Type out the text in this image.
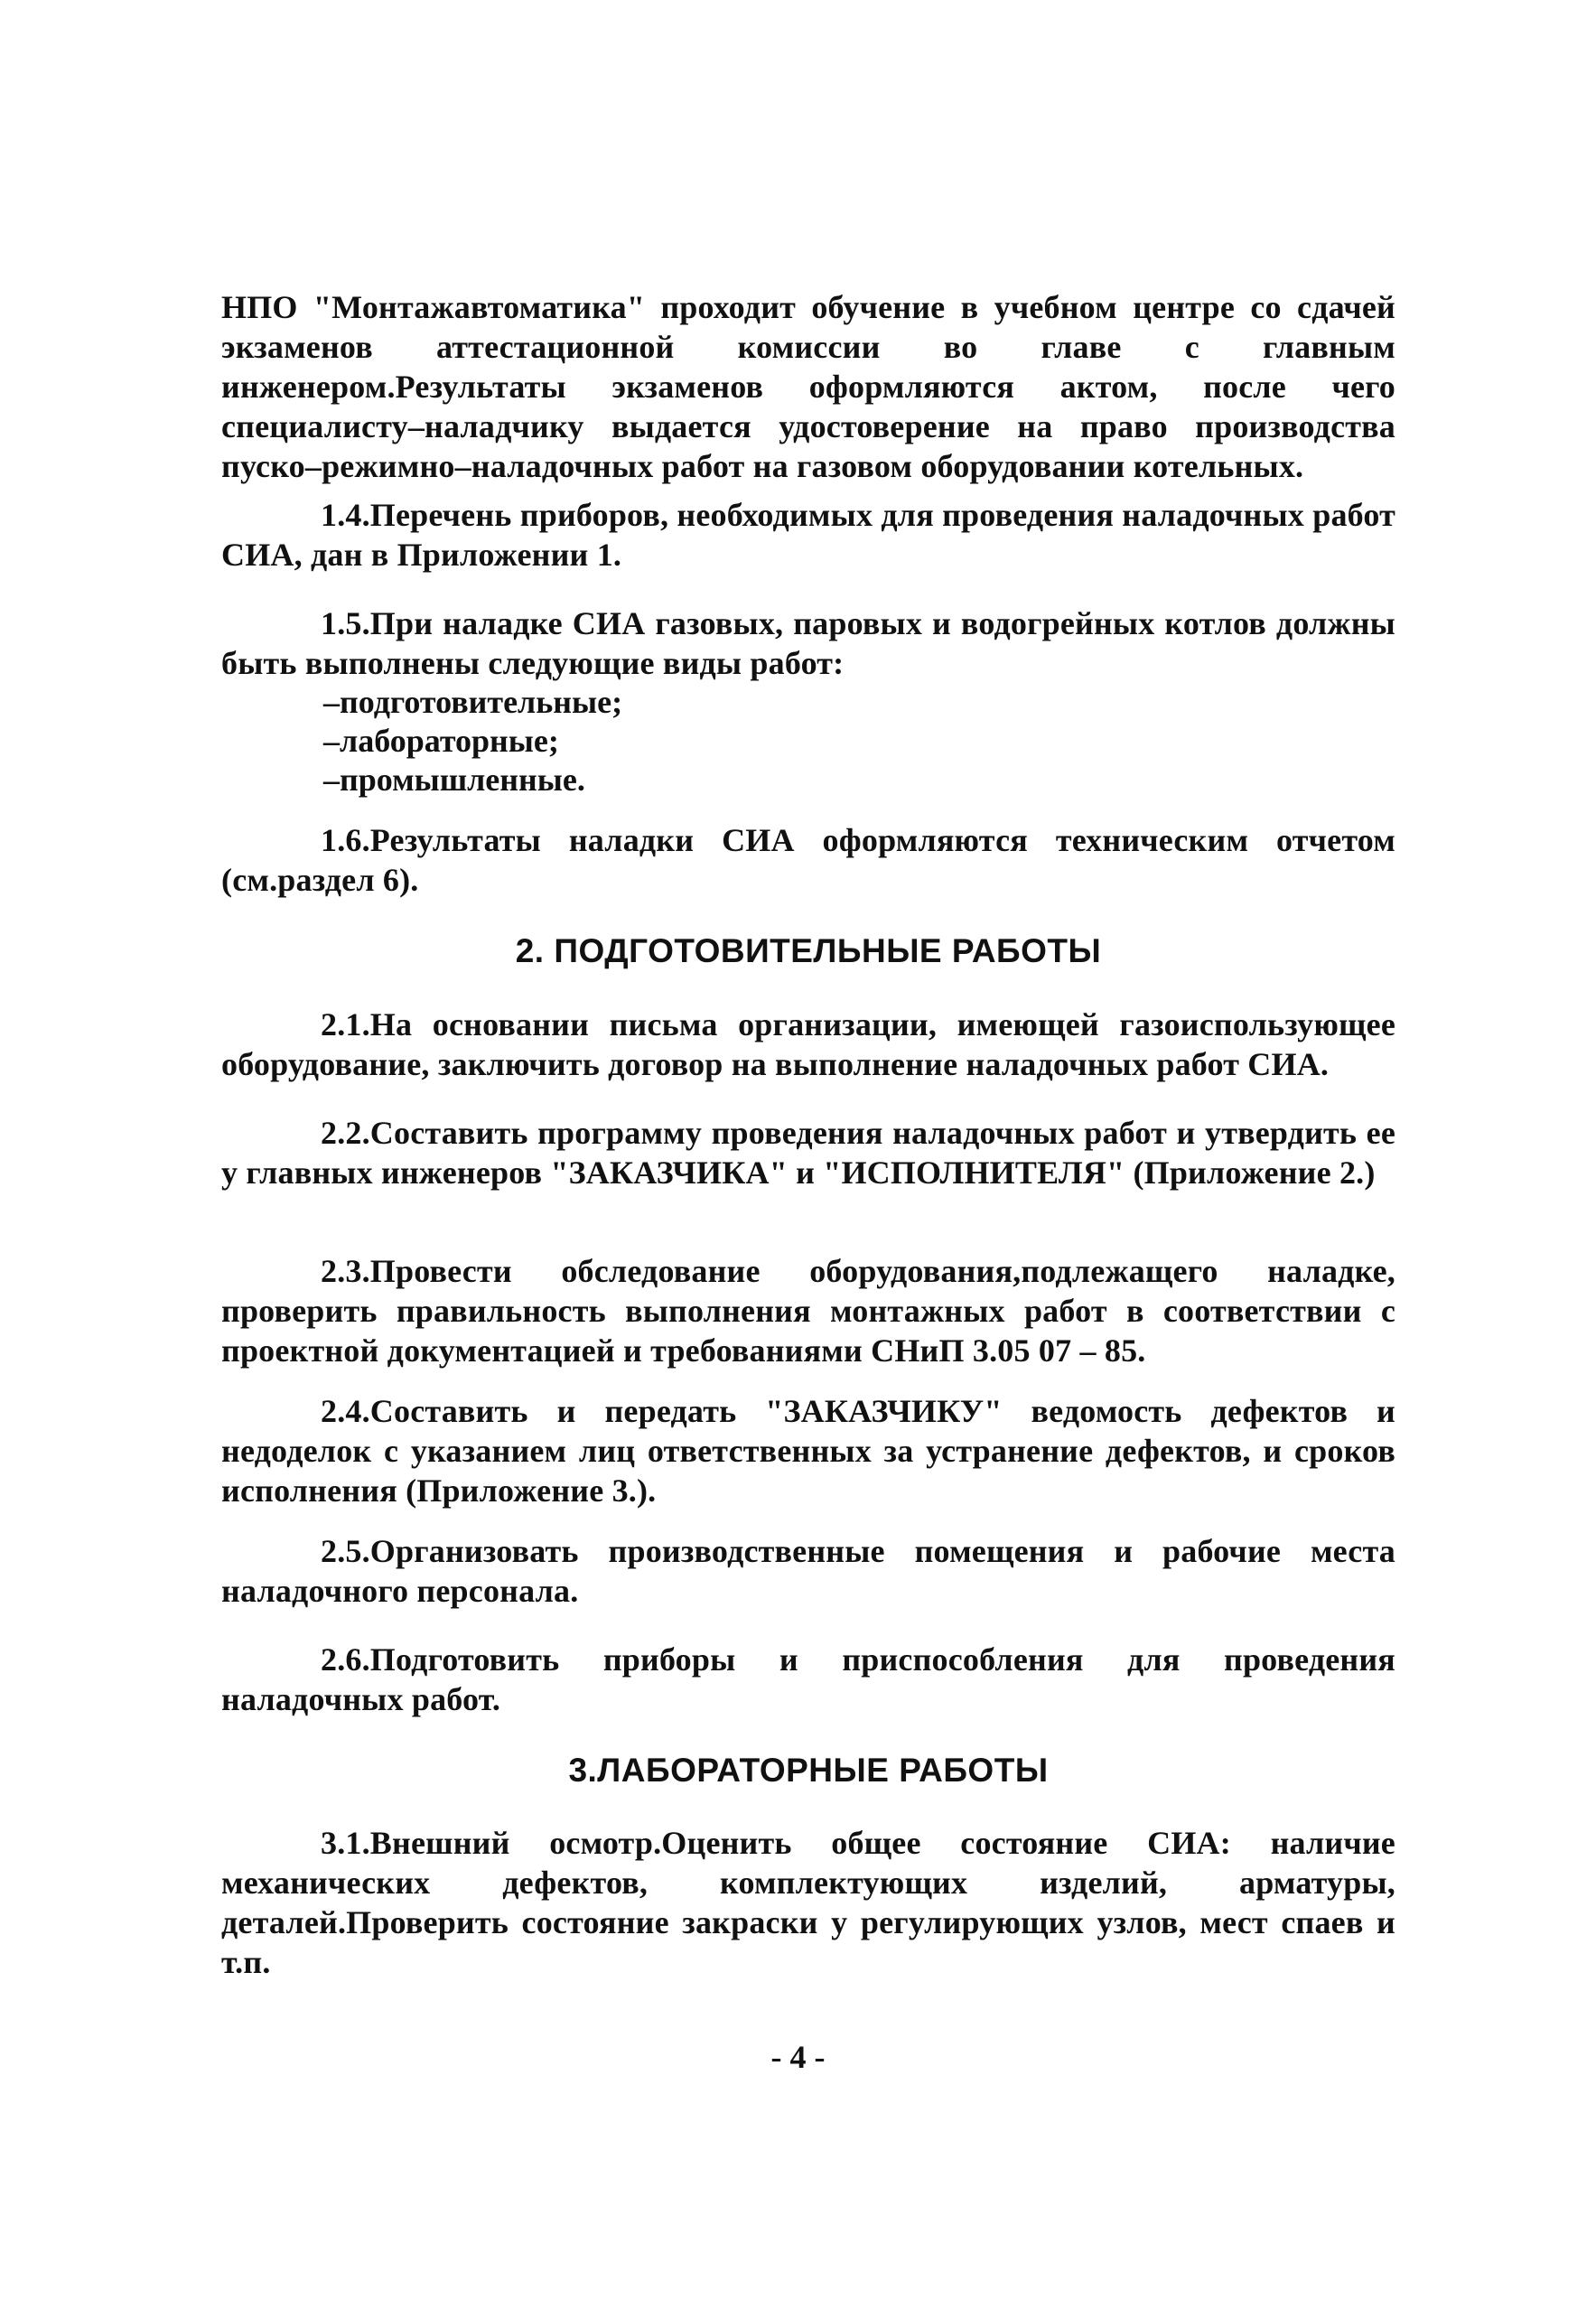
НПО "Монтажавтоматика" проходит обучение в учебном центре со сдачей экзаменов аттестационной комиссии во главе с главным инженером.Результаты экзаменов оформляются актом, после чего специалисту–наладчику выдается удостоверение на право производства пуско–режимно–наладочных работ на газовом оборудовании котельных.
1.4.Перечень приборов, необходимых для проведения наладочных работ СИА, дан в Приложении 1.
1.5.При наладке СИА газовых, паровых и водогрейных котлов должны быть выполнены следующие виды работ:
–подготовительные;
–лабораторные;
–промышленные.
1.6.Результаты наладки СИА оформляются техническим отчетом (см.раздел 6).
2. ПОДГОТОВИТЕЛЬНЫЕ РАБОТЫ
2.1.На основании письма организации, имеющей газоиспользующее оборудование, заключить договор на выполнение наладочных работ СИА.
2.2.Составить программу проведения наладочных работ и утвердить ее у главных инженеров "ЗАКАЗЧИКА" и "ИСПОЛНИТЕЛЯ" (Приложение 2.)
2.3.Провести обследование оборудования,подлежащего наладке, проверить правильность выполнения монтажных работ в соответствии с проектной документацией и требованиями СНиП 3.05 07 – 85.
2.4.Составить и передать "ЗАКАЗЧИКУ" ведомость дефектов и недоделок с указанием лиц ответственных за устранение дефектов, и сроков исполнения (Приложение 3.).
2.5.Организовать производственные помещения и рабочие места наладочного персонала.
2.6.Подготовить приборы и приспособления для проведения наладочных работ.
3.ЛАБОРАТОРНЫЕ РАБОТЫ
3.1.Внешний осмотр.Оценить общее состояние СИА: наличие механических дефектов, комплектующих изделий, арматуры, деталей.Проверить состояние закраски у регулирующих узлов, мест спаев и т.п.
- 4 -
